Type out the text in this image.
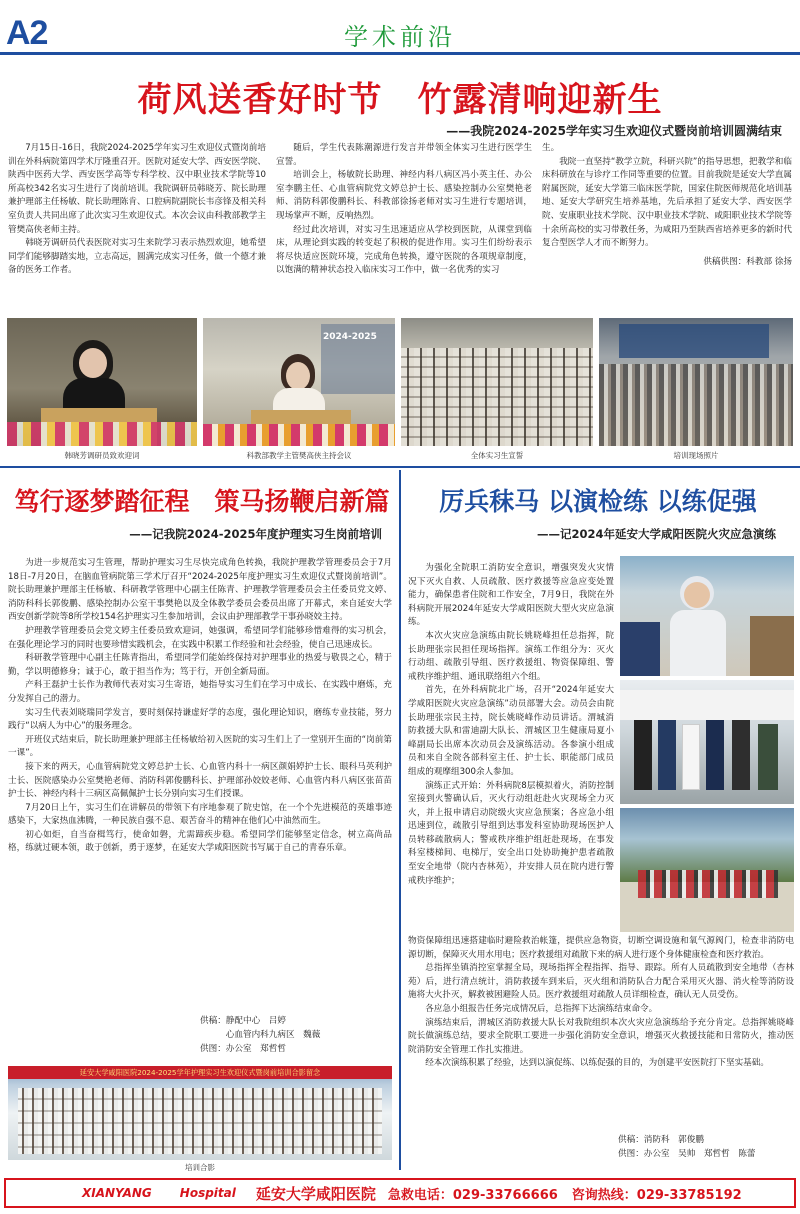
A2	学术前沿
荷风送香好时节　竹露清响迎新生
——我院2024-2025学年实习生欢迎仪式暨岗前培训圆满结束

7月15日-16日，我院2024-2025学年实习生欢迎仪式暨岗前培训在外科病院第四学术厅隆重召开。医院对延安大学、西安医学院、陕西中医药大学、西安医学高等专科学校、汉中职业技术学院等10所高校342名实习生进行了岗前培训。我院调研员韩晓芳、院长助理兼护理部主任杨敏、院长助理陈肯、口腔病院副院长韦彦锋及相关科室负责人共同出席了此次实习生欢迎仪式。本次会议由科教部教学主管樊高侠老师主持。

韩晓芳调研员代表医院对实习生来院学习表示热烈欢迎，她希望同学们能够脚踏实地，立志高远，圆满完成实习任务，做一个德才兼备的医务工作者。

随后，学生代表陈潮源进行发言并带领全体实习生进行医学生宣誓。

培训会上，杨敏院长助理、神经内科八病区冯小英主任、办公室李鹏主任、心血管病院党文婷总护士长、感染控制办公室樊艳老师、消防科郭俊鹏科长、科教部徐扬老师对实习生进行专题培训，现场掌声不断，反响热烈。

经过此次培训，对实习生迅速适应从学校到医院，从课堂到临床，从理论到实践的转变起了积极的促进作用。实习生们纷纷表示将尽快适应医院环境，完成角色转换，遵守医院的各项规章制度，以饱满的精神状态投入临床实习工作中，做一名优秀的实习

生。

我院一直坚持“教学立院，科研兴院”的指导思想，把教学和临床科研放在与诊疗工作同等重要的位置。目前我院是延安大学直属附属医院，延安大学第三临床医学院，国家住院医师规范化培训基地、延安大学研究生培养基地，先后承担了延安大学、西安医学院、安康职业技术学院、汉中职业技术学院、咸阳职业技术学院等十余所高校的实习带教任务，为咸阳乃至陕西省培养更多的新时代复合型医学人才而不断努力。

供稿供图：科教部 徐扬

2024-2025
韩晓芳调研员致欢迎词	科教部教学主管樊高侠主持会议	全体实习生宣誓	培训现场照片
笃行逐梦踏征程　策马扬鞭启新篇
——记我院2024-2025年度护理实习生岗前培训

为进一步规范实习生管理，帮助护理实习生尽快完成角色转换，我院护理教学管理委员会于7月18日-7月20日，在脑血管病院第三学术厅召开“2024-2025年度护理实习生欢迎仪式暨岗前培训”。院长助理兼护理部主任杨敏、科研教学管理中心副主任陈青、护理教学管理委员会主任委员党文婷、消防科科长郭俊鹏、感染控制办公室干事樊艳以及全体教学委员会委员出席了开幕式，来自延安大学西安创新学院等8所学校154名护理实习生参加培训，会议由护理部教学干事孙晓姣主持。

护理教学管理委员会党文婷主任委员致欢迎词，她强调，希望同学们能够珍惜难得的实习机会，在强化理论学习的同时也要珍惜实践机会，在实践中积累工作经验和社会经验，使自己迅速成长。

科研教学管理中心副主任陈青指出，希望同学们能始终保持对护理事业的热爱与敬畏之心，精于勤，学以明德修身；诚于心，敢于担当作为；笃于行，开创全新局面。

产科王磊护士长作为教师代表对实习生寄语，她指导实习生们在学习中成长、在实践中磨炼，充分发挥自己的潜力。

实习生代表刘晓瑞同学发言，要时刻保持谦虚好学的态度，强化理论知识，磨练专业技能，努力践行“以病人为中心”的服务理念。

开班仪式结束后，院长助理兼护理部主任杨敏给初入医院的实习生们上了一堂别开生面的“岗前第一课”。

接下来的两天，心血管病院党文婷总护士长、心血管内科十一病区颜娟婷护士长、眼科马英利护士长、医院感染办公室樊艳老师、消防科郭俊鹏科长、护理部孙姣姣老师、心血管内科八病区张苗苗护士长、神经内科十三病区高佩佩护士长分别向实习生们授课。

7月20日上午，实习生们在讲解员的带领下有序地参观了院史馆，在一个个先进模范的英雄事迹感染下，大家热血沸腾，一种民族自强不息、艰苦奋斗的精神在他们心中油然而生。

初心如炬，自当奋楫笃行，使命如磐，尤需蹄疾步稳。希望同学们能够坚定信念，树立高尚品格，练就过硬本领，敢于创新，勇于逐梦，在延安大学咸阳医院书写属于自己的青春乐章。

供稿：静配中心　吕婷
心血管内科九病区　魏薇
供图：办公室　郑哲哲
延安大学咸阳医院2024-2025学年护理实习生欢迎仪式暨岗前培训合影留念
培训合影
厉兵秣马 以演检练 以练促强
——记2024年延安大学咸阳医院火灾应急演练

为强化全院职工消防安全意识，增强突发火灾情况下灭火自救、人员疏散、医疗救援等应急应变处置能力，确保患者住院和工作安全，7月9日，我院在外科病院开展2024年延安大学咸阳医院大型火灾应急演练。

本次火灾应急演练由院长姚晓峰担任总指挥，院长助理张宗民担任现场指挥。演练工作组分为：灭火行动组、疏散引导组、医疗救援组、物资保障组、警戒秩序维护组、通讯联络组六个组。

首先，在外科病院北广场，召开“2024年延安大学咸阳医院火灾应急演练”动员部署大会。动员会由院长助理张宗民主持，院长姚晓峰作动员讲话。渭城消防救援大队和雷迪副大队长、渭城区卫生健康局夏小峰副局长出席本次动员会及演练活动。各参演小组成员和来自全院各部科室主任、护士长、职能部门成员组成的观摩组300余人参加。

演练正式开始：外科病院8层模拟着火，消防控制室接到火警确认后，灭火行动组赶赴火灾现场全力灭火，并上报申请启动院级火灾应急预案；各应急小组迅速到位，疏散引导组到达事发科室协助现场医护人员转移疏散病人；警戒秩序维护组赶赴现场，在事发科室楼梯间、电梯厅，安全出口处协助掩护患者疏散至安全地带（院内杏林苑），并安排人员在院内进行警戒秩序维护；

物资保障组迅速搭建临时避险救治帐篷，提供应急物资，切断空调设施和氧气源阀门，检查非消防电源切断，保障灭火用水用电；医疗救援组对疏散下来的病人进行逐个身体健康检查和医疗救治。

总指挥坐镇消控室掌握全局，现场指挥全程指挥、指导、跟踪。所有人员疏散到安全地带（杏林苑）后，进行清点统计，消防救援车到来后，灭火组和消防队合力配合采用灭火器、消火栓等消防设施将大火扑灭，解救被困避险人员。医疗救援组对疏散人员详细检查，确认无人员受伤。

各应急小组报告任务完成情况后，总指挥下达演练结束命令。

演练结束后，渭城区消防救援大队长对我院组织本次火灾应急演练给予充分肯定。总指挥姚晓峰院长做演练总结，要求全院职工要进一步强化消防安全意识，增强灭火救援技能和日常防火，推动医院消防安全管理工作扎实推进。

经本次演练积累了经验，达到以演促练、以练促强的目的，为创建平安医院打下坚实基础。

供稿：消防科　郭俊鹏
供图：办公室　吴帅　郑哲哲　陈蕾
XIANYANG Hospital 延安大学咸阳医院 急救电话：029-33766666 咨询热线：029-33785192
